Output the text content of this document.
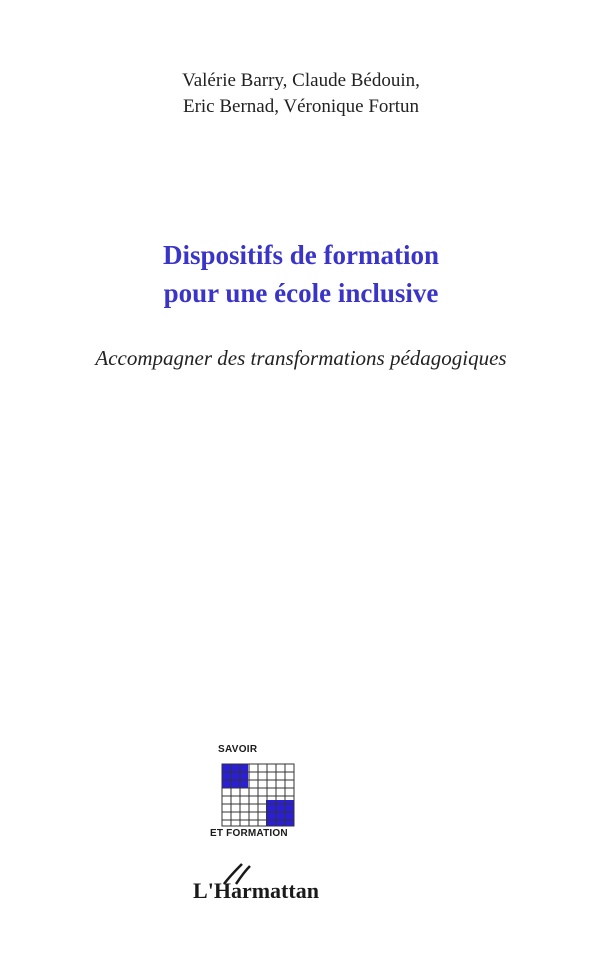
Valérie Barry, Claude Bédouin,
Eric Bernad, Véronique Fortun
Dispositifs de formation
pour une école inclusive
Accompagner des transformations pédagogiques
SAVOIR
ET FORMATION
L'Harmattan
